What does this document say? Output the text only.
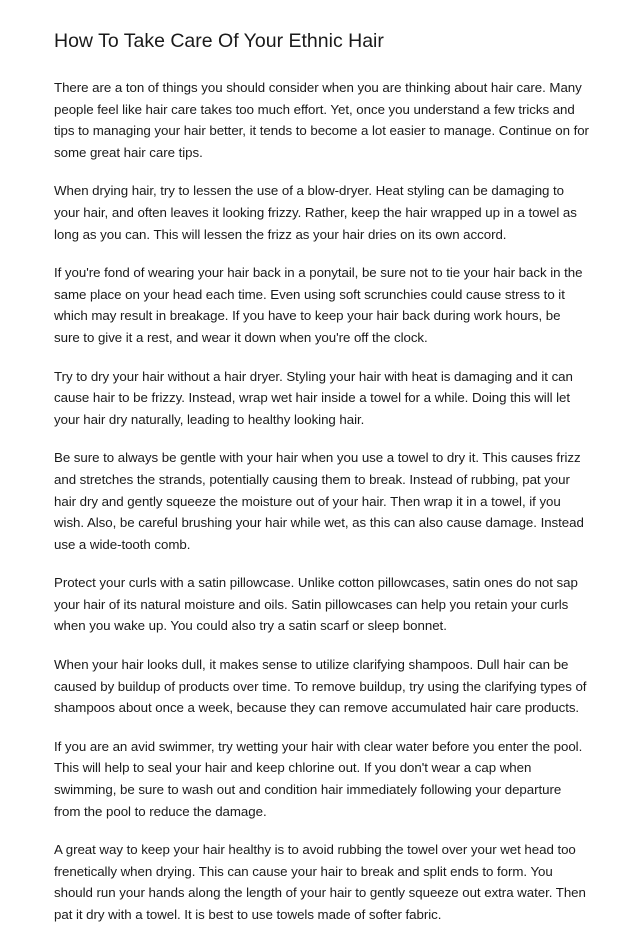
How To Take Care Of Your Ethnic Hair

There are a ton of things you should consider when you are thinking about hair care. Many people feel like hair care takes too much effort. Yet, once you understand a few tricks and tips to managing your hair better, it tends to become a lot easier to manage. Continue on for some great hair care tips.

When drying hair, try to lessen the use of a blow-dryer. Heat styling can be damaging to your hair, and often leaves it looking frizzy. Rather, keep the hair wrapped up in a towel as long as you can. This will lessen the frizz as your hair dries on its own accord.

If you're fond of wearing your hair back in a ponytail, be sure not to tie your hair back in the same place on your head each time. Even using soft scrunchies could cause stress to it which may result in breakage. If you have to keep your hair back during work hours, be sure to give it a rest, and wear it down when you're off the clock.

Try to dry your hair without a hair dryer. Styling your hair with heat is damaging and it can cause hair to be frizzy. Instead, wrap wet hair inside a towel for a while. Doing this will let your hair dry naturally, leading to healthy looking hair.

Be sure to always be gentle with your hair when you use a towel to dry it. This causes frizz and stretches the strands, potentially causing them to break. Instead of rubbing, pat your hair dry and gently squeeze the moisture out of your hair. Then wrap it in a towel, if you wish. Also, be careful brushing your hair while wet, as this can also cause damage. Instead use a wide-tooth comb.

Protect your curls with a satin pillowcase. Unlike cotton pillowcases, satin ones do not sap your hair of its natural moisture and oils. Satin pillowcases can help you retain your curls when you wake up. You could also try a satin scarf or sleep bonnet.

When your hair looks dull, it makes sense to utilize clarifying shampoos. Dull hair can be caused by buildup of products over time. To remove buildup, try using the clarifying types of shampoos about once a week, because they can remove accumulated hair care products.

If you are an avid swimmer, try wetting your hair with clear water before you enter the pool. This will help to seal your hair and keep chlorine out. If you don't wear a cap when swimming, be sure to wash out and condition hair immediately following your departure from the pool to reduce the damage.

A great way to keep your hair healthy is to avoid rubbing the towel over your wet head too frenetically when drying. This can cause your hair to break and split ends to form. You should run your hands along the length of your hair to gently squeeze out extra water. Then pat it dry with a towel. It is best to use towels made of softer fabric.
